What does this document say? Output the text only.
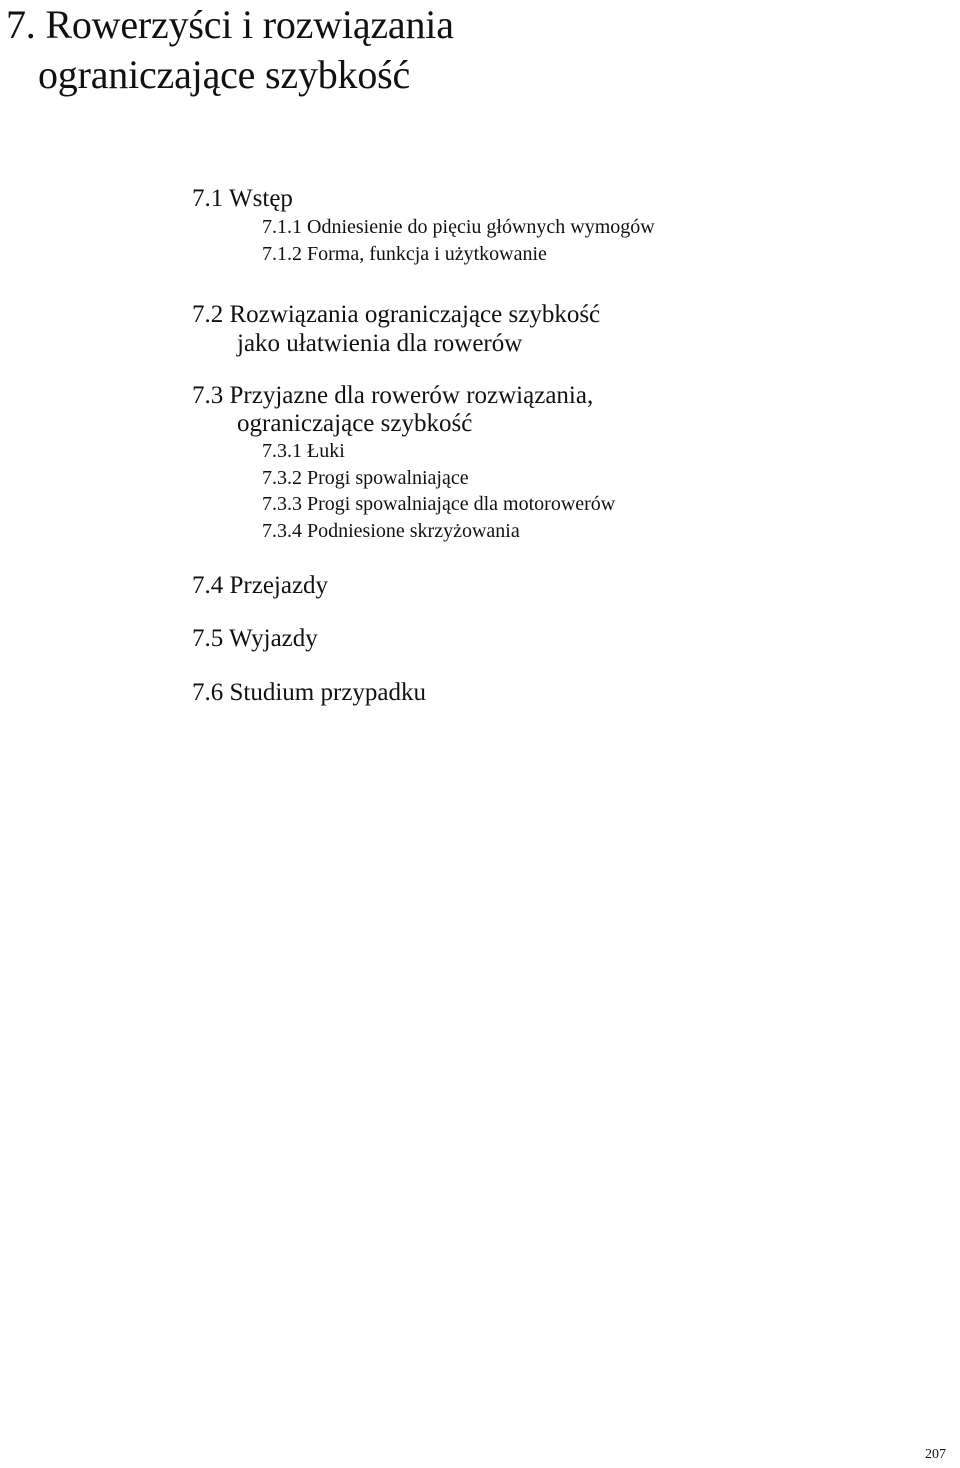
7. Rowerzyści i rozwiązania
ograniczające szybkość
7.1 Wstęp
7.1.1 Odniesienie do pięciu głównych wymogów
7.1.2 Forma, funkcja i użytkowanie
7.2 Rozwiązania ograniczające szybkość
jako ułatwienia dla rowerów
7.3 Przyjazne dla rowerów rozwiązania,
ograniczające szybkość
7.3.1 Łuki
7.3.2 Progi spowalniające
7.3.3 Progi spowalniające dla motorowerów
7.3.4 Podniesione skrzyżowania
7.4 Przejazdy
7.5 Wyjazdy
7.6 Studium przypadku
207
